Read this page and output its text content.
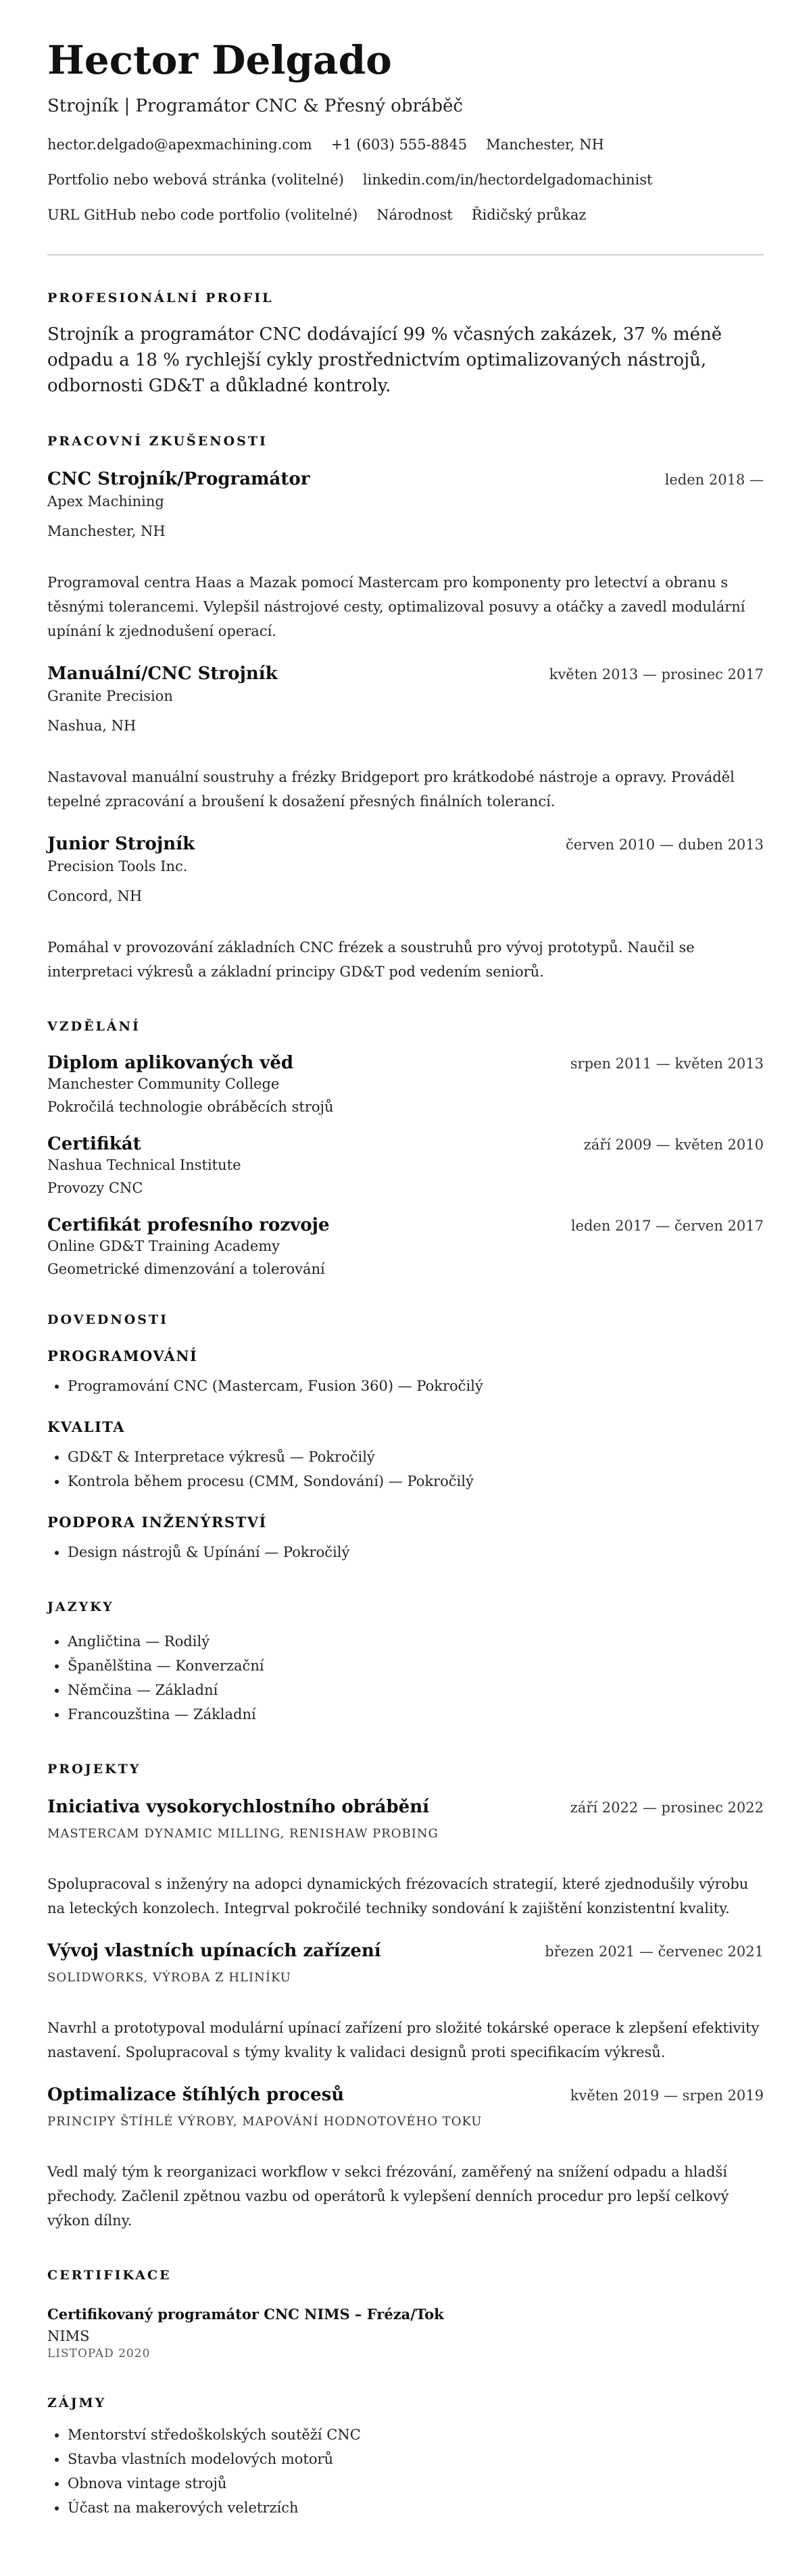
Hector Delgado
Strojník | Programátor CNC & Přesný obráběč
hector.delgado@apexmachining.com +1 (603) 555-8845 Manchester, NH
Portfolio nebo webová stránka (volitelné) linkedin.com/in/hectordelgadomachinist
URL GitHub nebo code portfolio (volitelné) Národnost Řidičský průkaz
PROFESIONÁLNÍ PROFIL
Strojník a programátor CNC dodávající 99 % včasných zakázek, 37 % méně odpadu a 18 % rychlejší cykly prostřednictvím optimalizovaných nástrojů, odbornosti GD&T a důkladné kontroly.
PRACOVNÍ ZKUŠENOSTI
CNC Strojník/Programátor	leden 2018 —
Apex Machining
Manchester, NH
Programoval centra Haas a Mazak pomocí Mastercam pro komponenty pro letectví a obranu s těsnými tolerancemi. Vylepšil nástrojové cesty, optimalizoval posuvy a otáčky a zavedl modulární upínání k zjednodušení operací.
Manuální/CNC Strojník	květen 2013 — prosinec 2017
Granite Precision
Nashua, NH
Nastavoval manuální soustruhy a frézky Bridgeport pro krátkodobé nástroje a opravy. Prováděl tepelné zpracování a broušení k dosažení přesných finálních tolerancí.
Junior Strojník	červen 2010 — duben 2013
Precision Tools Inc.
Concord, NH
Pomáhal v provozování základních CNC frézek a soustruhů pro vývoj prototypů. Naučil se interpretaci výkresů a základní principy GD&T pod vedením seniorů.
VZDĚLÁNÍ
Diplom aplikovaných věd	srpen 2011 — květen 2013
Manchester Community College
Pokročilá technologie obráběcích strojů
Certifikát	září 2009 — květen 2010
Nashua Technical Institute
Provozy CNC
Certifikát profesního rozvoje	leden 2017 — červen 2017
Online GD&T Training Academy
Geometrické dimenzování a tolerování
DOVEDNOSTI
PROGRAMOVÁNÍ
• Programování CNC (Mastercam, Fusion 360) — Pokročilý
KVALITA
• GD&T & Interpretace výkresů — Pokročilý
• Kontrola během procesu (CMM, Sondování) — Pokročilý
PODPORA INŽENÝRSTVÍ
• Design nástrojů & Upínání — Pokročilý
JAZYKY
• Angličtina — Rodilý
• Španělština — Konverzační
• Němčina — Základní
• Francouzština — Základní
PROJEKTY
Iniciativa vysokorychlostního obrábění	září 2022 — prosinec 2022
MASTERCAM DYNAMIC MILLING, RENISHAW PROBING
Spolupracoval s inženýry na adopci dynamických frézovacích strategií, které zjednodušily výrobu na leteckých konzolech. Integrval pokročilé techniky sondování k zajištění konzistentní kvality.
Vývoj vlastních upínacích zařízení	březen 2021 — červenec 2021
SOLIDWORKS, VÝROBA Z HLINÍKU
Navrhl a prototypoval modulární upínací zařízení pro složité tokárské operace k zlepšení efektivity nastavení. Spolupracoval s týmy kvality k validaci designů proti specifikacím výkresů.
Optimalizace štíhlých procesů	květen 2019 — srpen 2019
PRINCIPY ŠTÍHLÉ VÝROBY, MAPOVÁNÍ HODNOTOVÉHO TOKU
Vedl malý tým k reorganizaci workflow v sekci frézování, zaměřený na snížení odpadu a hladší přechody. Začlenil zpětnou vazbu od operátorů k vylepšení denních procedur pro lepší celkový výkon dílny.
CERTIFIKACE
Certifikovaný programátor CNC NIMS – Fréza/Tok
NIMS
LISTOPAD 2020
ZÁJMY
• Mentorství středoškolských soutěží CNC
• Stavba vlastních modelových motorů
• Obnova vintage strojů
• Účast na makerových veletrzích
